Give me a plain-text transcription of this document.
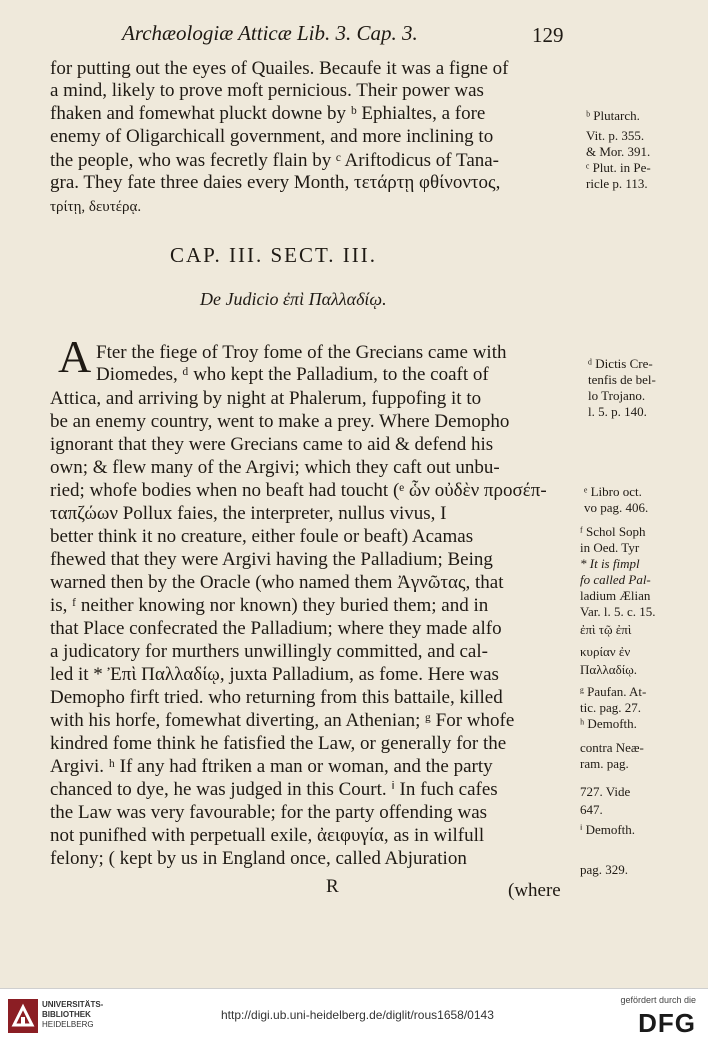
Archæologiæ Atticæ Lib. 3. Cap. 3.	129
for putting out the eyes of Quailes. Becaufe it was a figne of
a mind, likely to prove moft pernicious. Their power was
fhaken and fomewhat pluckt downe by ᵇ Ephialtes, a fore
enemy of Oligarchicall government, and more inclining to
the people, who was fecretly flain by ᶜ Ariftodicus of Tana-
gra. They fate three daies every Month, τετάρτῃ φθίνοντος,
τρίτῃ, δευτέρᾳ.
CAP. III. SECT. III.
De Judicio ἐπὶ Παλλαδίῳ.
A Fter the fiege of Troy fome of the Grecians came with
Diomedes, ᵈ who kept the Palladium, to the coaft of
Attica, and arriving by night at Phalerum, fuppofing it to
be an enemy country, went to make a prey. Where Demopho
ignorant that they were Grecians came to aid & defend his
own; & flew many of the Argivi; which they caft out unbu-
ried; whofe bodies when no beaft had toucht (ᵉ ὧν οὐδὲν προσέπ-
ταπζώων Pollux faies, the interpreter, nullus vivus, I
better think it no creature, either foule or beaft) Acamas
fhewed that they were Argivi having the Palladium; Being
warned then by the Oracle (who named them Ἀγνῶτας, that
is, ᶠ neither knowing nor known) they buried them; and in
that Place confecrated the Palladium; where they made alfo
a judicatory for murthers unwillingly committed, and cal-
led it * Ἐπὶ Παλλαδίῳ, juxta Palladium, as fome. Here was
Demopho firft tried. who returning from this battaile, killed
with his horfe, fomewhat diverting, an Athenian; ᵍ For whofe
kindred fome think he fatisfied the Law, or generally for the
Argivi. ʰ If any had ftriken a man or woman, and the party
chanced to dye, he was judged in this Court. ⁱ In fuch cafes
the Law was very favourable; for the party offending was
not punifhed with perpetuall exile, ἀειφυγία, as in wilfull
felony; ( kept by us in England once, called Abjuration
R	(where
ᵇ Plutarch.
Vit. p. 355.
& Mor. 391.
ᶜ Plut. in Pe-
ricle p. 113.
ᵈ Dictis Cre-
tenfis de bel-
lo Trojano.
l. 5. p. 140.
ᵉ Libro oct.
vo pag. 406.
ᶠ Schol Soph
in Oed. Tyr
* It is fimpl
fo called Pal-
ladium Ælian
Var. l. 5. c. 15.
ἐπὶ τῷ ἐπὶ
κυρίαν ἐν
Παλλαδίῳ.
ᵍ Paufan. At-
tic. pag. 27.
ʰ Demofth.
contra Neæ-
ram. pag.
727. Vide
647.
ⁱ Demofth.
pag. 329.
UNIVERSITÄTS-
BIBLIOTHEK
HEIDELBERG
http://digi.ub.uni-heidelberg.de/diglit/rous1658/0143
gefördert durch die
DFG
